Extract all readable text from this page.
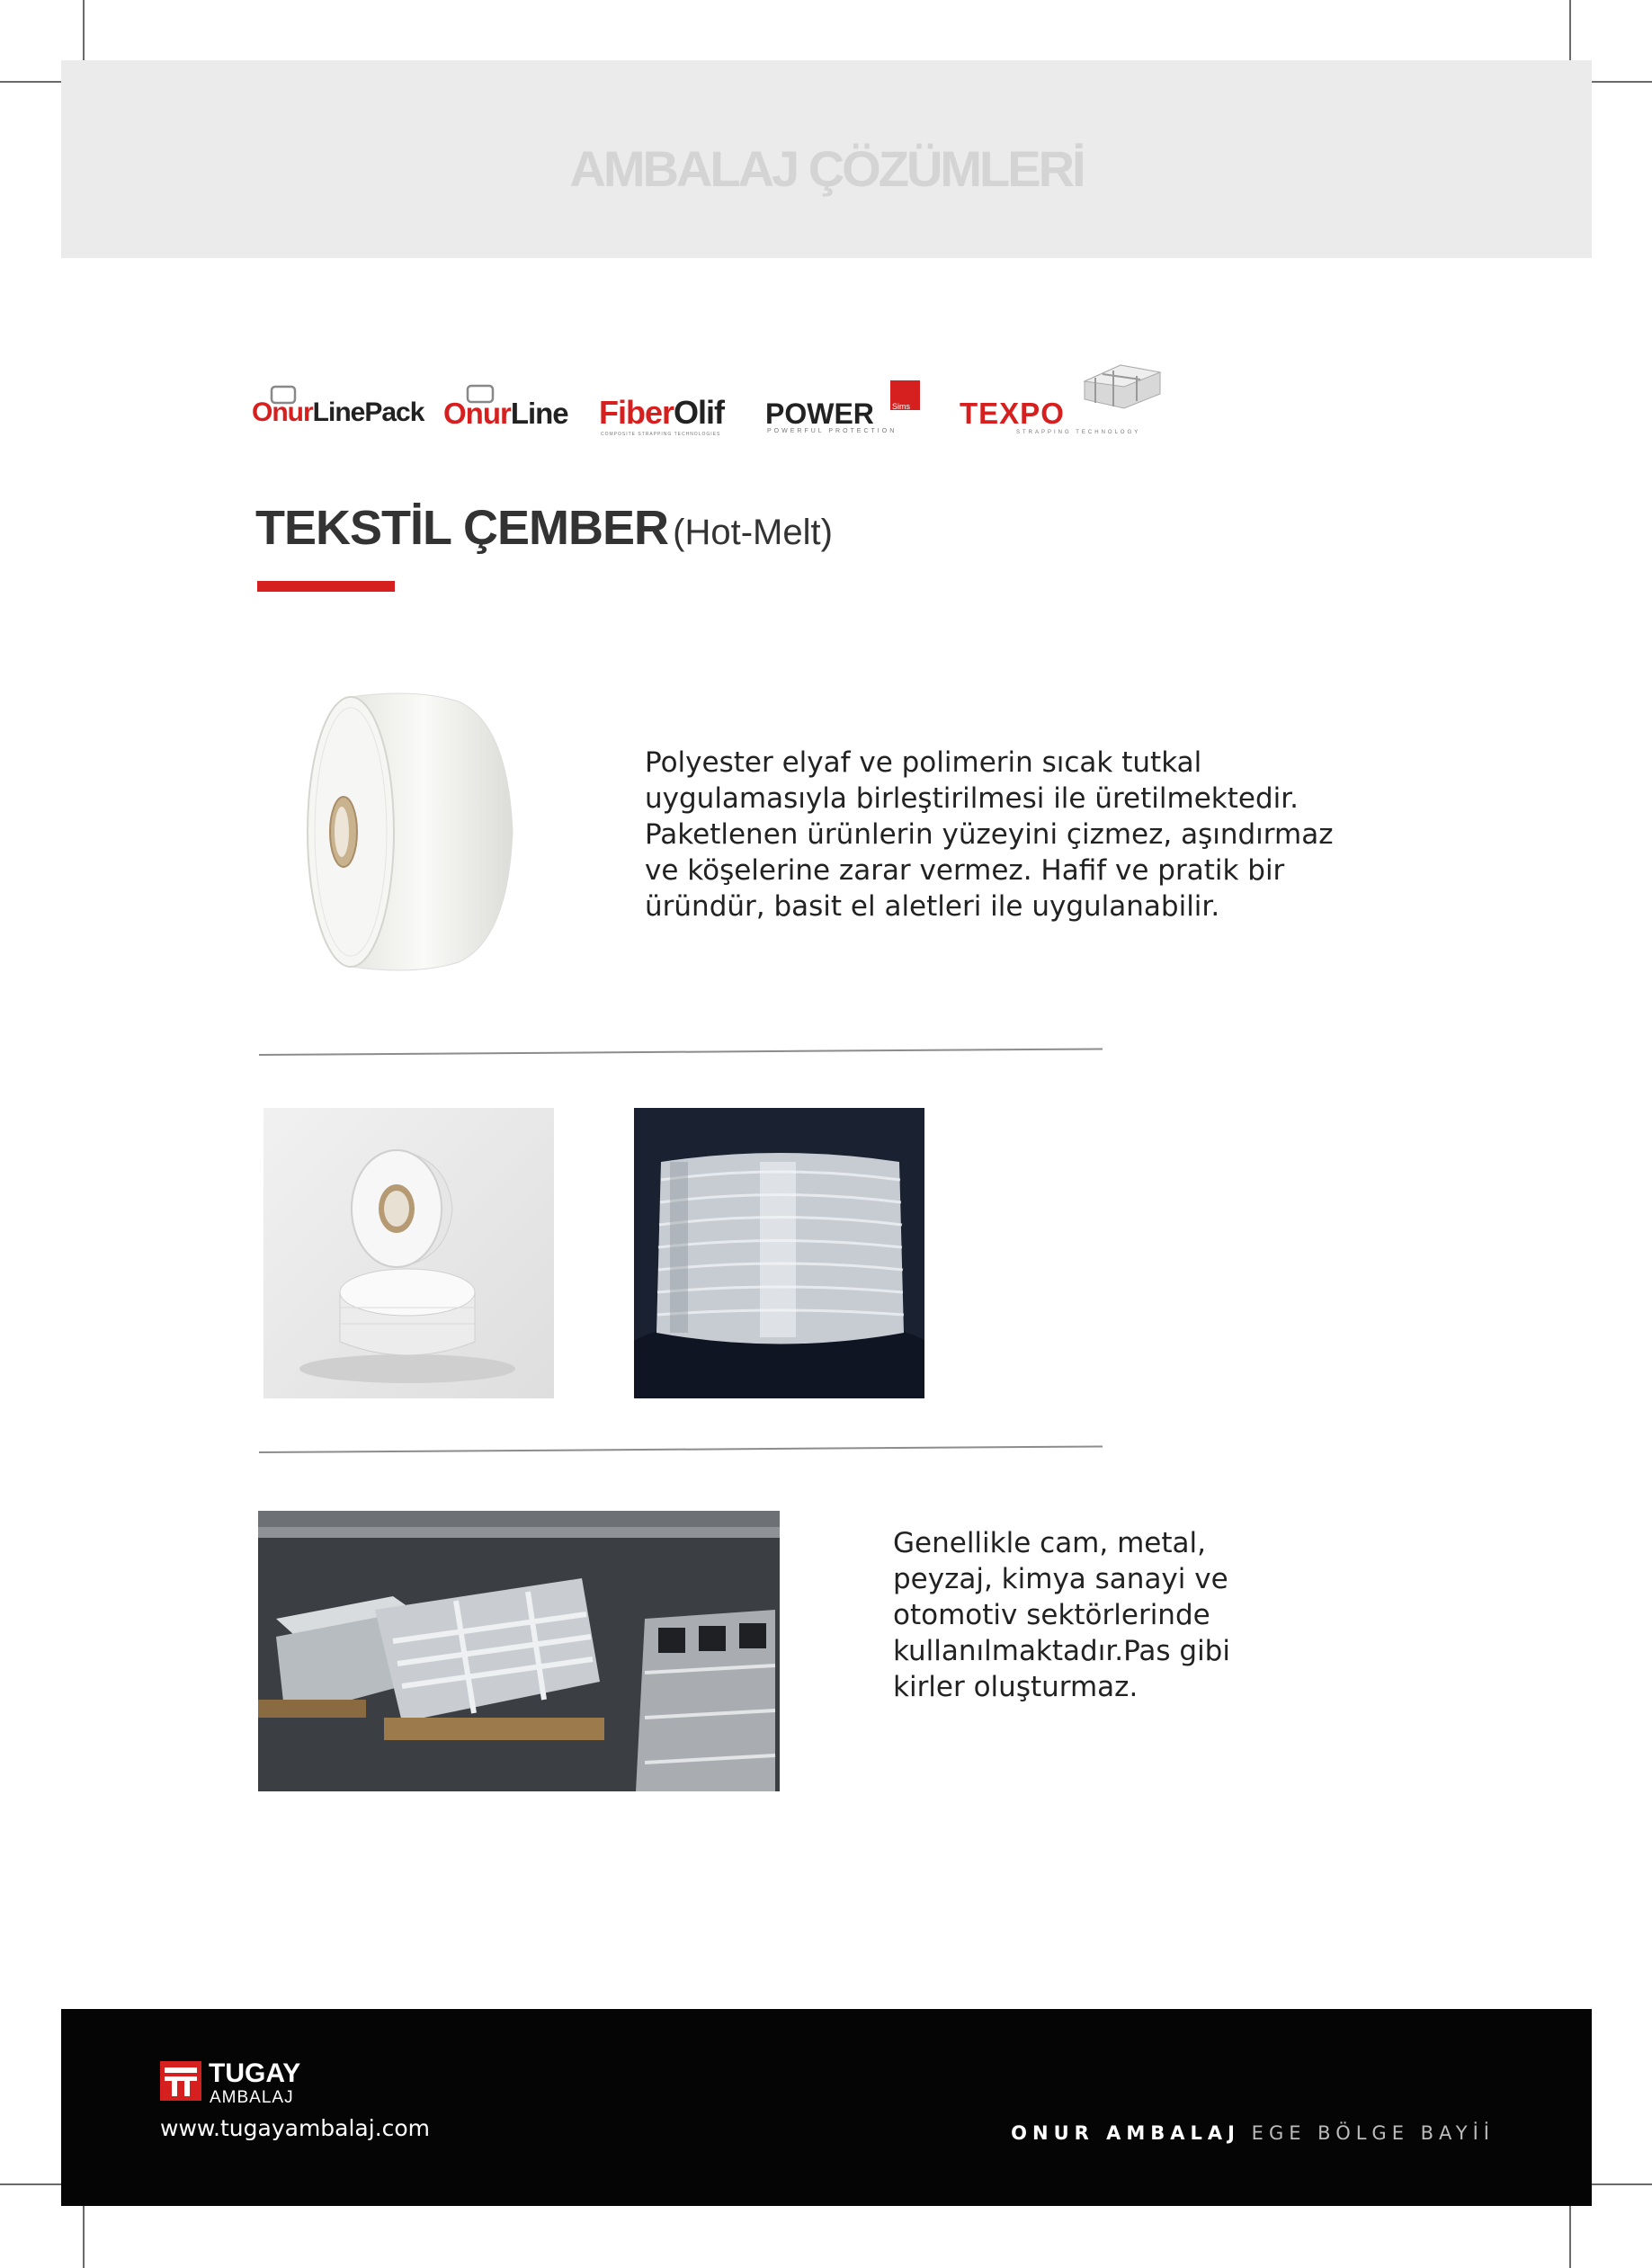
AMBALAJ ÇÖZÜMLERİ
OnurLinePack OnurLine FiberOlif
COMPOSITE STRAPPING TECHNOLOGIES
POWER Sims
POWERFUL PROTECTION
TEXPO
STRAPPING TECHNOLOGY
TEKSTİL ÇEMBER (Hot-Melt)
Polyester elyaf ve polimerin sıcak tutkal
uygulamasıyla birleştirilmesi ile üretilmektedir.
Paketlenen ürünlerin yüzeyini çizmez, aşındırmaz
ve köşelerine zarar vermez. Hafif ve pratik bir
üründür, basit el aletleri ile uygulanabilir.
Genellikle cam, metal,
peyzaj, kimya sanayi ve
otomotiv sektörlerinde
kullanılmaktadır.Pas gibi
kirler oluşturmaz.
TUGAY
AMBALAJ
www.tugayambalaj.com	ONUR AMBALAJ EGE BÖLGE BAYİİ
